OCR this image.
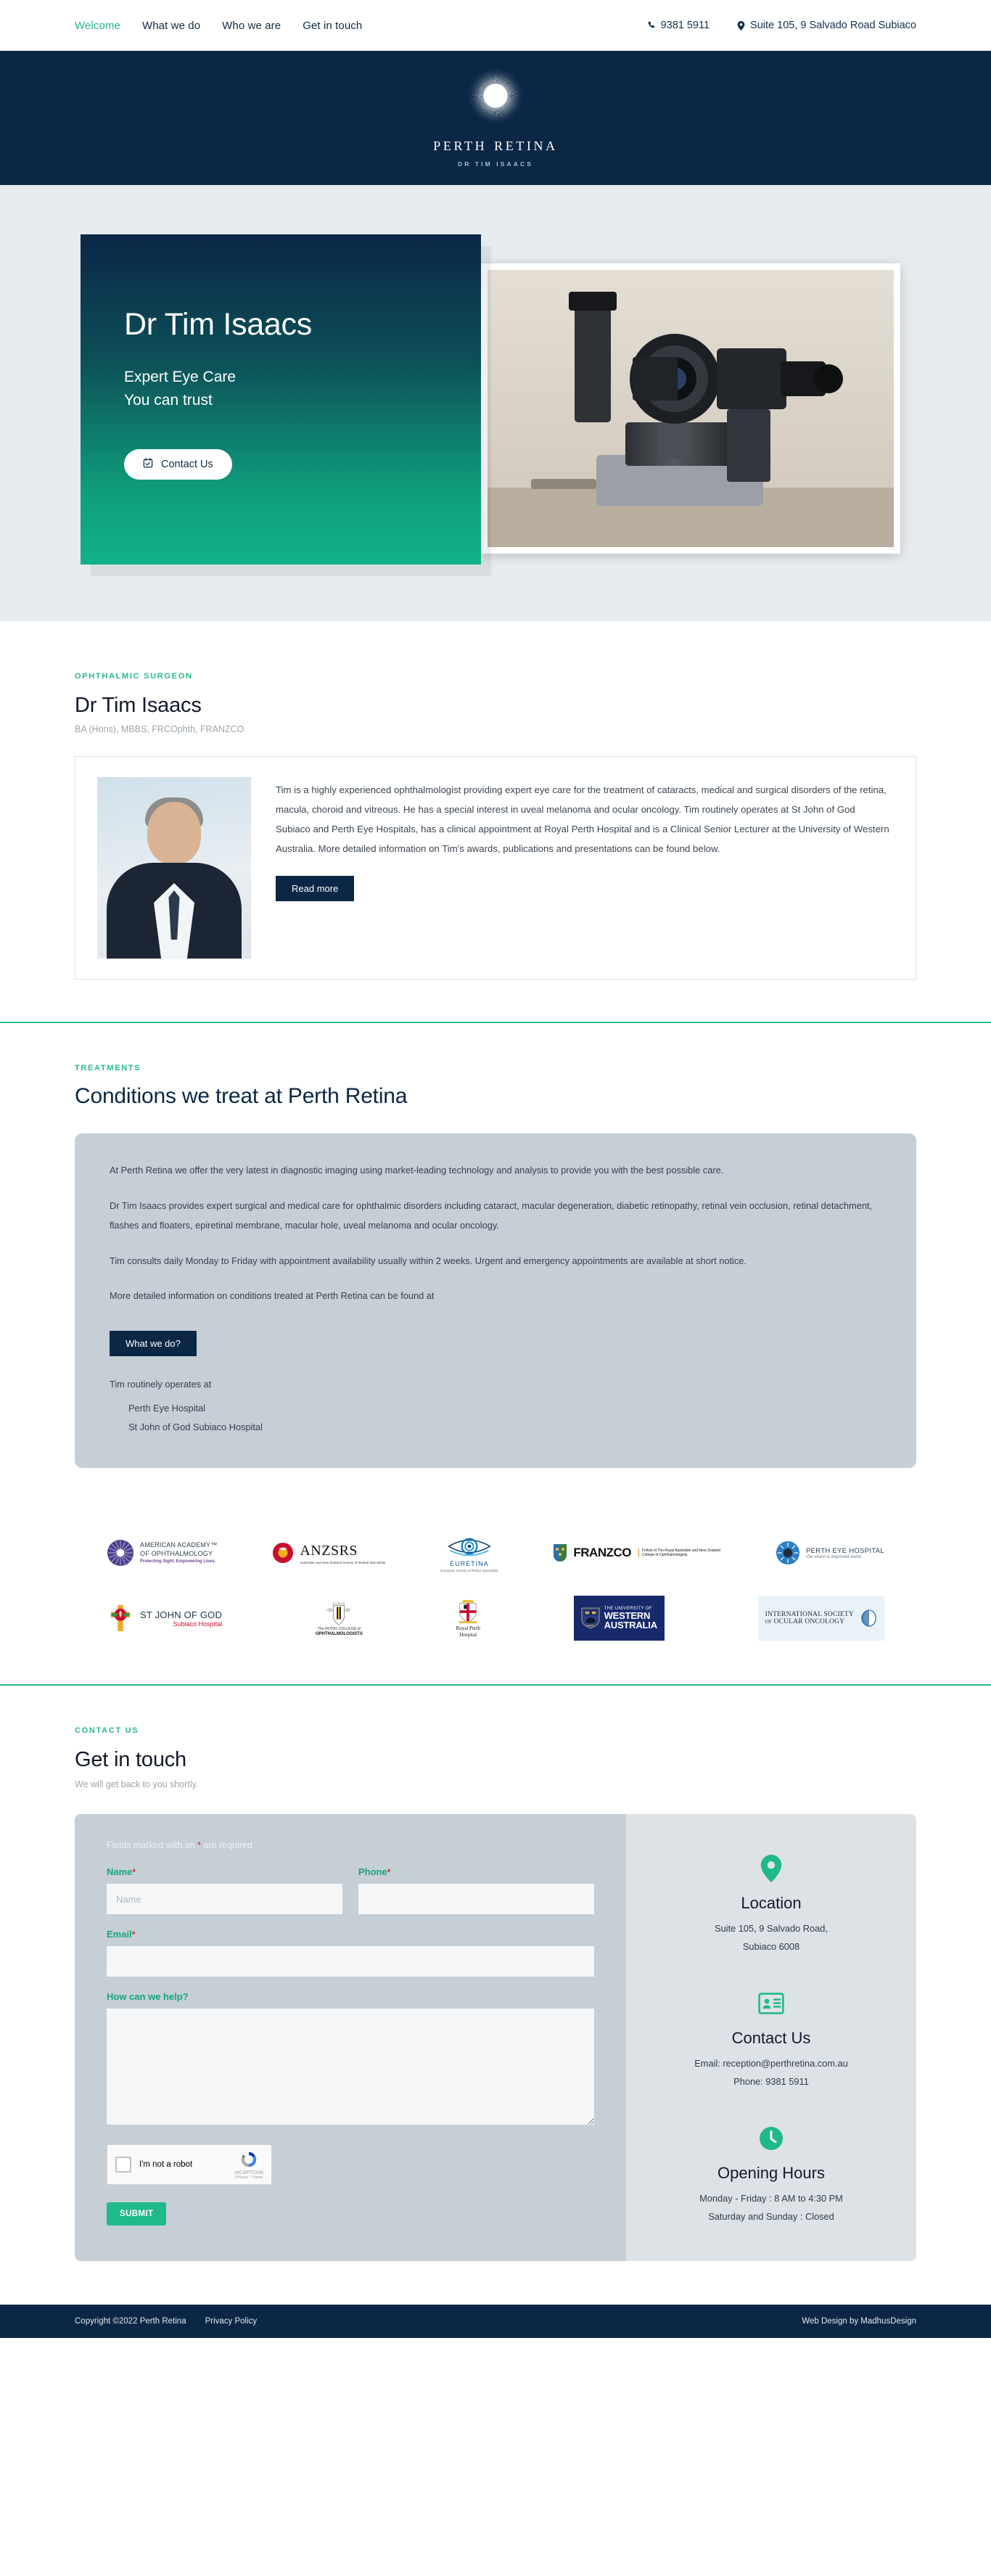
Welcome What we do Who we are Get in touch	9381 5911	Suite 105, 9 Salvado Road Subiaco
perth retina
DR TIM ISAACS
Dr Tim Isaacs
Expert Eye Care
You can trust
Contact Us
OPHTHALMIC SURGEON
Dr Tim Isaacs
BA (Hons), MBBS, FRCOphth, FRANZCO

Tim is a highly experienced ophthalmologist providing expert eye care for the treatment of cataracts, medical and surgical disorders of the retina, macula, choroid and vitreous. He has a special interest in uveal melanoma and ocular oncology. Tim routinely operates at St John of God Subiaco and Perth Eye Hospitals, has a clinical appointment at Royal Perth Hospital and is a Clinical Senior Lecturer at the University of Western Australia. More detailed information on Tim's awards, publications and presentations can be found below.

Read more
TREATMENTS
Conditions we treat at Perth Retina

At Perth Retina we offer the very latest in diagnostic imaging using market-leading technology and analysis to provide you with the best possible care.

Dr Tim Isaacs provides expert surgical and medical care for ophthalmic disorders including cataract, macular degeneration, diabetic retinopathy, retinal vein occlusion, retinal detachment, flashes and floaters, epiretinal membrane, macular hole, uveal melanoma and ocular oncology.

Tim consults daily Monday to Friday with appointment availability usually within 2 weeks. Urgent and emergency appointments are available at short notice.

More detailed information on conditions treated at Perth Retina can be found at

What we do?

Tim routinely operates at

Perth Eye Hospital
St John of God Subiaco Hospital
AMERICAN ACADEMY™
OF OPHTHALMOLOGY
Protecting Sight. Empowering Lives.
ANZSRS
Australian and New Zealand Society of Retinal Specialists	EURETINA
European Society of Retina Specialists
FRANZCO	Fellow of The Royal Australian and New Zealand
College of Ophthalmologists
PERTH EYE HOSPITAL
Our vision is improved vision
ST JOHN OF GOD
Subiaco Hospital
The ROYAL COLLEGE of
OPHTHALMOLOGISTS
Royal Perth
Hospital
THE UNIVERSITY OF
WESTERN
AUSTRALIA
INTERNATIONAL SOCIETY
of OCULAR ONCOLOGY
CONTACT US
Get in touch
We will get back to you shortly.
Fields marked with an * are required
Name*
Name	Phone*
Email*
How can we help?
I'm not a robot
reCAPTCHA
Privacy - Terms
SUBMIT
Location
Suite 105, 9 Salvado Road,
Subiaco 6008
Contact Us
Email: reception@perthretina.com.au
Phone: 9381 5911
Opening Hours
Monday - Friday : 8 AM to 4:30 PM
Saturday and Sunday : Closed
Copyright ©2022 Perth Retina Privacy Policy	Web Design by MadhusDesign
